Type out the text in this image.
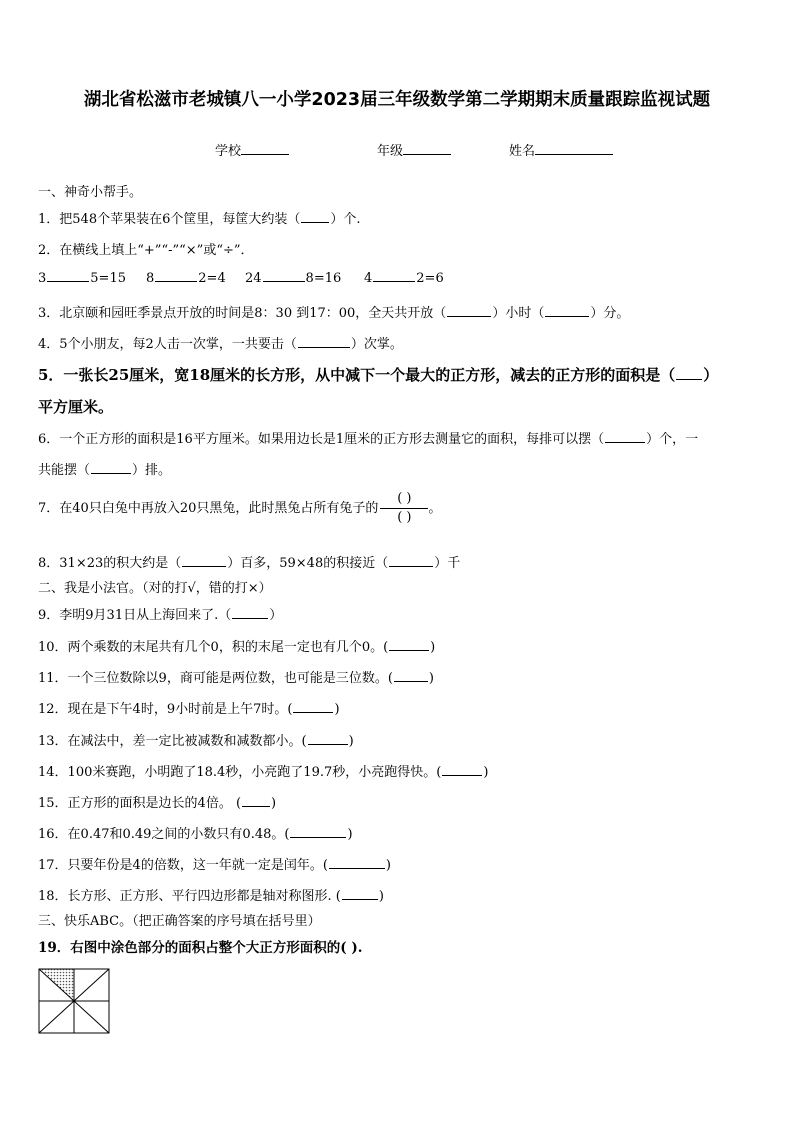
湖北省松滋市老城镇八一小学2023届三年级数学第二学期期末质量跟踪监视试题
学校	年级	姓名
一、神奇小帮手。
1．把548个苹果装在6个筐里，每筐大约装（ ）个.
2．在横线上填上“+”“-”“×”或“÷”．
3	5=15 8	2=4 24	8=16 4	2=6
3．北京颐和园旺季景点开放的时间是8：30 到17：00，全天共开放（	）小时（	）分。
4．5个小朋友，每2人击一次掌，一共要击（	）次掌。
5．一张长25厘米，宽18厘米的长方形，从中减下一个最大的正方形，减去的正方形的面积是（ ）
平方厘米。
6．一个正方形的面积是16平方厘米。如果用边长是1厘米的正方形去测量它的面积，每排可以摆（	）个，一
共能摆（	）排。
7．在40只白兔中再放入20只黑兔，此时黑兔占所有兔子的 $\frac{( )}{( )}$ 。
8．31×23的积大约是（	）百多，59×48的积接近（	）千
二、我是小法官。（对的打√，错的打×）
9．李明9月31日从上海回来了.（	）
10．两个乘数的末尾共有几个0，积的末尾一定也有几个0。(	)
11．一个三位数除以9，商可能是两位数，也可能是三位数。(	)
12．现在是下午4时，9小时前是上午7时。(	)
13．在减法中，差一定比被减数和减数都小。(	)
14．100米赛跑，小明跑了18.4秒，小亮跑了19.7秒，小亮跑得快。(	)
15．正方形的面积是边长的4倍。 ( )
16．在0.47和0.49之间的小数只有0.48。(	)
17．只要年份是4的倍数，这一年就一定是闰年。(	)
18．长方形、正方形、平行四边形都是轴对称图形. (	)
三、快乐ABC。（把正确答案的序号填在括号里）
19．右图中涂色部分的面积占整个大正方形面积的( ).
